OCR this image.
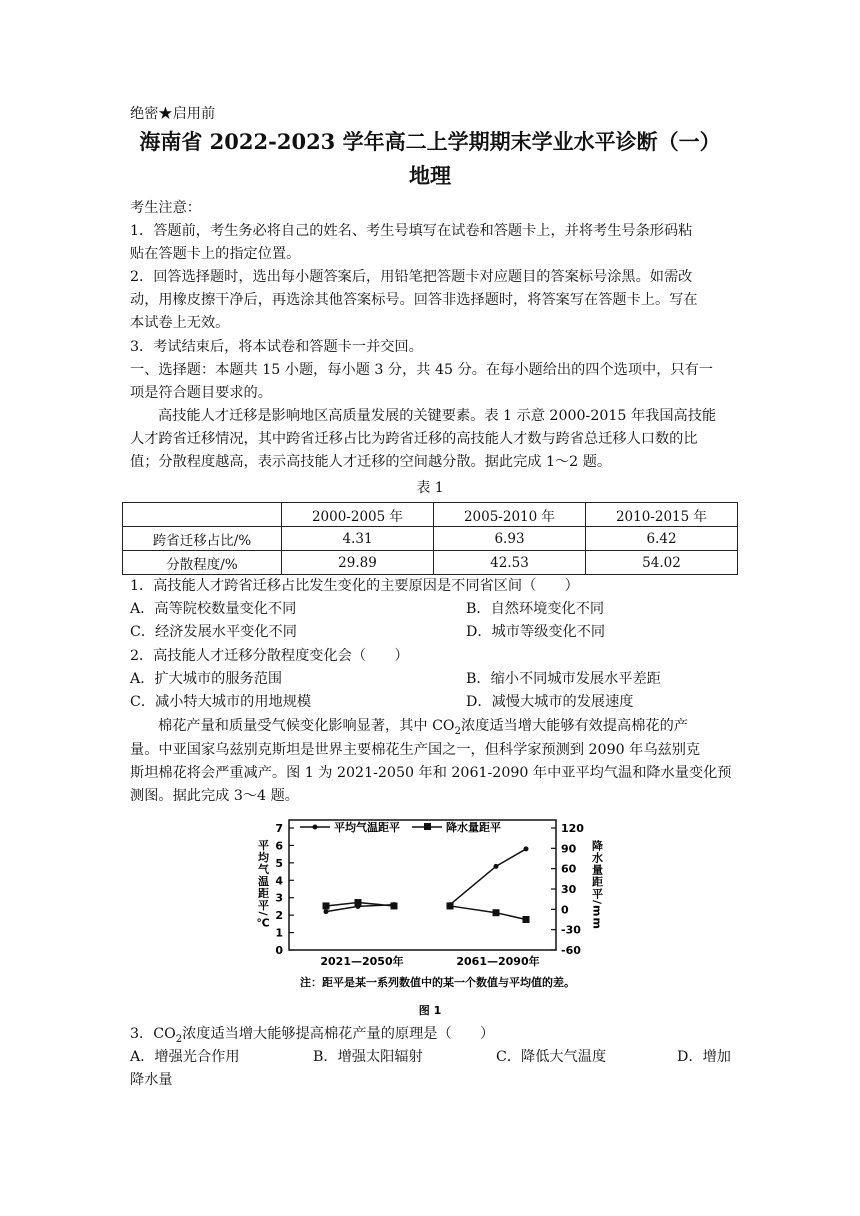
绝密★启用前
海南省 2022-2023 学年高二上学期期末学业水平诊断（一）
地理
考生注意：
1．答题前，考生务必将自己的姓名、考生号填写在试卷和答题卡上，并将考生号条形码粘
贴在答题卡上的指定位置。
2．回答选择题时，选出每小题答案后，用铅笔把答题卡对应题目的答案标号涂黑。如需改
动，用橡皮擦干净后，再选涂其他答案标号。回答非选择题时，将答案写在答题卡上。写在
本试卷上无效。
3．考试结束后，将本试卷和答题卡一并交回。
一、选择题：本题共 15 小题，每小题 3 分，共 45 分。在每小题给出的四个选项中，只有一
项是符合题目要求的。
高技能人才迁移是影响地区高质量发展的关键要素。表 1 示意 2000-2015 年我国高技能
人才跨省迁移情况，其中跨省迁移占比为跨省迁移的高技能人才数与跨省总迁移人口数的比
值；分散程度越高，表示高技能人才迁移的空间越分散。据此完成 1～2 题。
表 1
	2000-2005 年	2005-2010 年	2010-2015 年
跨省迁移占比/%	4.31	6.93	6.42
分散程度/%	29.89	42.53	54.02
1．高技能人才跨省迁移占比发生变化的主要原因是不同省区间（　　）
A．高等院校数量变化不同	B．自然环境变化不同
C．经济发展水平变化不同	D．城市等级变化不同
2．高技能人才迁移分散程度变化会（　　）
A．扩大城市的服务范围	B．缩小不同城市发展水平差距
C．减小特大城市的用地规模	D．减慢大城市的发展速度
棉花产量和质量受气候变化影响显著，其中 $CO_2$浓度适当增大能够有效提高棉花的产
量。中亚国家乌兹别克斯坦是世界主要棉花生产国之一，但科学家预测到 2090 年乌兹别克
斯坦棉花将会严重减产。图 1 为 2021-2050 年和 2061-2090 年中亚平均气温和降水量变化预
测图。据此完成 3～4 题。
平均气温距平	降水量距平
0
1
2
3
4
5
6
7
-60
-30
0
30
60
90
120
平均气温距平/℃	降水量距平/mm
2021—2050年	2061—2090年
注：距平是某一系列数值中的某一个数值与平均值的差。
图 1
3．$CO_2$浓度适当增大能够提高棉花产量的原理是（　　）
A．增强光合作用	B．增强太阳辐射	C．降低大气温度	D．增加
降水量
